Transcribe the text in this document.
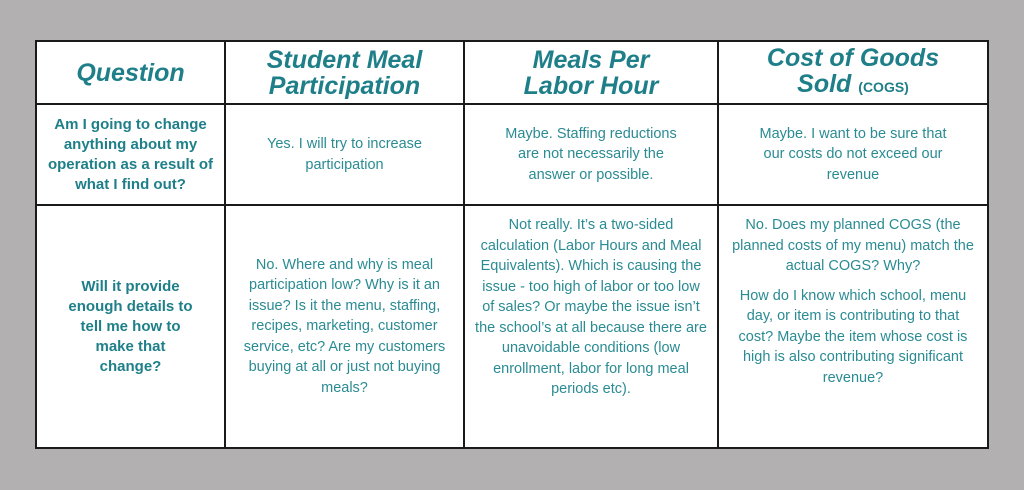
Question	Student Meal Participation
Meals Per Labor Hour
Cost of Goods Sold (COGS)
Am I going to change anything about my operation as a result of what I find out?
Yes. I will try to increase participation
Maybe. Staffing reductions are not necessarily the answer or possible.
Maybe. I want to be sure that our costs do not exceed our revenue
Will it provide enough details to tell me how to make that change?
No. Where and why is meal participation low? Why is it an issue? Is it the menu, staffing, recipes, marketing, customer service, etc? Are my customers buying at all or just not buying meals?
Not really. It’s a two-sided calculation (Labor Hours and Meal Equivalents). Which is causing the issue - too high of labor or too low of sales? Or maybe the issue isn’t the school’s at all because there are unavoidable conditions (low enrollment, labor for long meal periods etc).

No. Does my planned COGS (the planned costs of my menu) match the actual COGS? Why?

How do I know which school, menu day, or item is contributing to that cost? Maybe the item whose cost is high is also contributing significant revenue?
